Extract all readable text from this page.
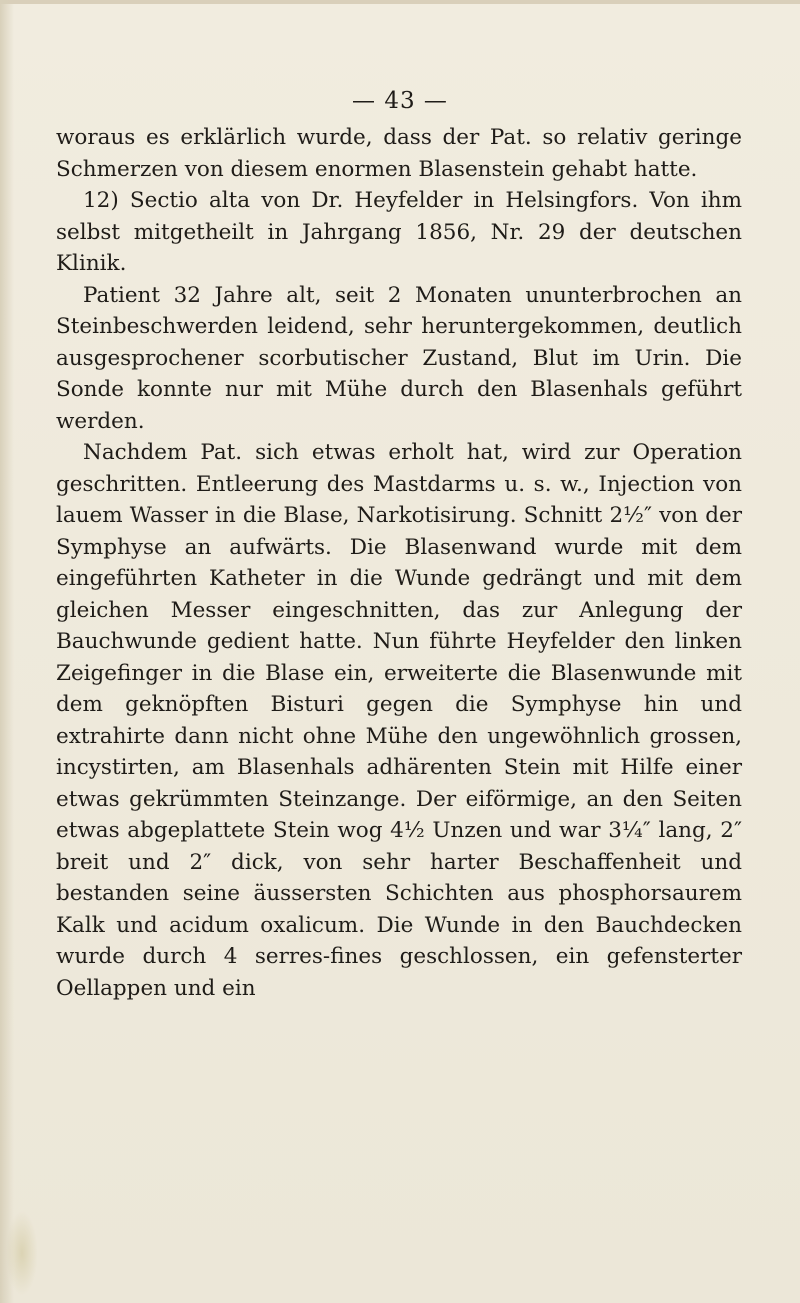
— 43 —

woraus es erklärlich wurde, dass der Pat. so relativ geringe Schmerzen von diesem enormen Blasenstein gehabt hatte.

12) Sectio alta von Dr. Heyfelder in Helsingfors. Von ihm selbst mitgetheilt in Jahrgang 1856, Nr. 29 der deutschen Klinik.

Patient 32 Jahre alt, seit 2 Monaten ununterbrochen an Steinbeschwerden leidend, sehr heruntergekommen, deutlich ausgesprochener scorbutischer Zustand, Blut im Urin. Die Sonde konnte nur mit Mühe durch den Blasenhals geführt werden.

Nachdem Pat. sich etwas erholt hat, wird zur Operation geschritten. Entleerung des Mastdarms u. s. w., Injection von lauem Wasser in die Blase, Narkotisirung. Schnitt 2½″ von der Symphyse an aufwärts. Die Blasenwand wurde mit dem eingeführten Katheter in die Wunde gedrängt und mit dem gleichen Messer eingeschnitten, das zur Anlegung der Bauchwunde gedient hatte. Nun führte Heyfelder den linken Zeigefinger in die Blase ein, erweiterte die Blasenwunde mit dem geknöpften Bisturi gegen die Symphyse hin und extrahirte dann nicht ohne Mühe den ungewöhnlich grossen, incystirten, am Blasenhals adhärenten Stein mit Hilfe einer etwas gekrümmten Steinzange. Der eiförmige, an den Seiten etwas abgeplattete Stein wog 4½ Unzen und war 3¼″ lang, 2″ breit und 2″ dick, von sehr harter Beschaffenheit und bestanden seine äussersten Schichten aus phosphorsaurem Kalk und acidum oxalicum. Die Wunde in den Bauchdecken wurde durch 4 serres-fines geschlossen, ein gefensterter Oellappen und ein
